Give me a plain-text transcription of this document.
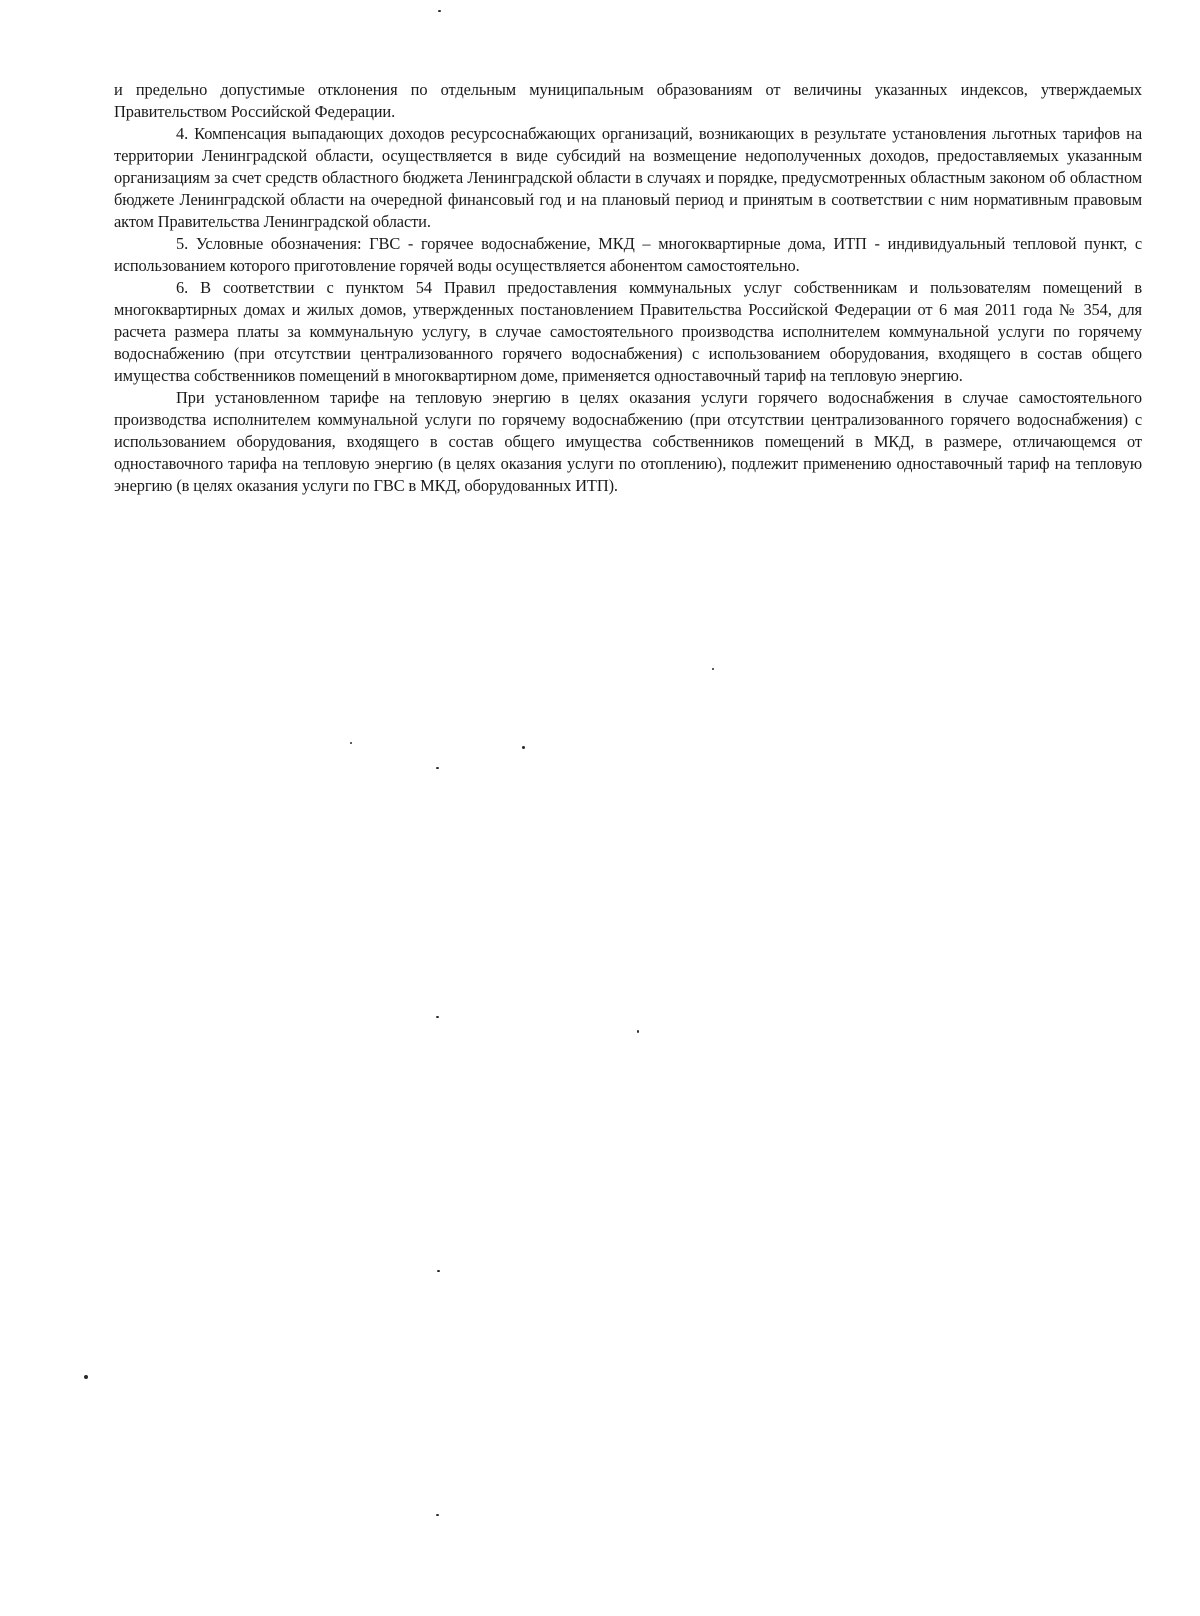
и предельно допустимые отклонения по отдельным муниципальным образованиям от величины указанных индексов, утверждаемых Правительством Российской Федерации.

4. Компенсация выпадающих доходов ресурсоснабжающих организаций, возникающих в результате установления льготных тарифов на территории Ленинградской области, осуществляется в виде субсидий на возмещение недополученных доходов, предоставляемых указанным организациям за счет средств областного бюджета Ленинградской области в случаях и порядке, предусмотренных областным законом об областном бюджете Ленинградской области на очередной финансовый год и на плановый период и принятым в соответствии с ним нормативным правовым актом Правительства Ленинградской области.

5. Условные обозначения: ГВС - горячее водоснабжение, МКД – многоквартирные дома, ИТП - индивидуальный тепловой пункт, с использованием которого приготовление горячей воды осуществляется абонентом самостоятельно.

6. В соответствии с пунктом 54 Правил предоставления коммунальных услуг собственникам и пользователям помещений в многоквартирных домах и жилых домов, утвержденных постановлением Правительства Российской Федерации от 6 мая 2011 года № 354, для расчета размера платы за коммунальную услугу, в случае самостоятельного производства исполнителем коммунальной услуги по горячему водоснабжению (при отсутствии централизованного горячего водоснабжения) с использованием оборудования, входящего в состав общего имущества собственников помещений в многоквартирном доме, применяется одноставочный тариф на тепловую энергию.

При установленном тарифе на тепловую энергию в целях оказания услуги горячего водоснабжения в случае самостоятельного производства исполнителем коммунальной услуги по горячему водоснабжению (при отсутствии централизованного горячего водоснабжения) с использованием оборудования, входящего в состав общего имущества собственников помещений в МКД, в размере, отличающемся от одноставочного тарифа на тепловую энергию (в целях оказания услуги по отоплению), подлежит применению одноставочный тариф на тепловую энергию (в целях оказания услуги по ГВС в МКД, оборудованных ИТП).
